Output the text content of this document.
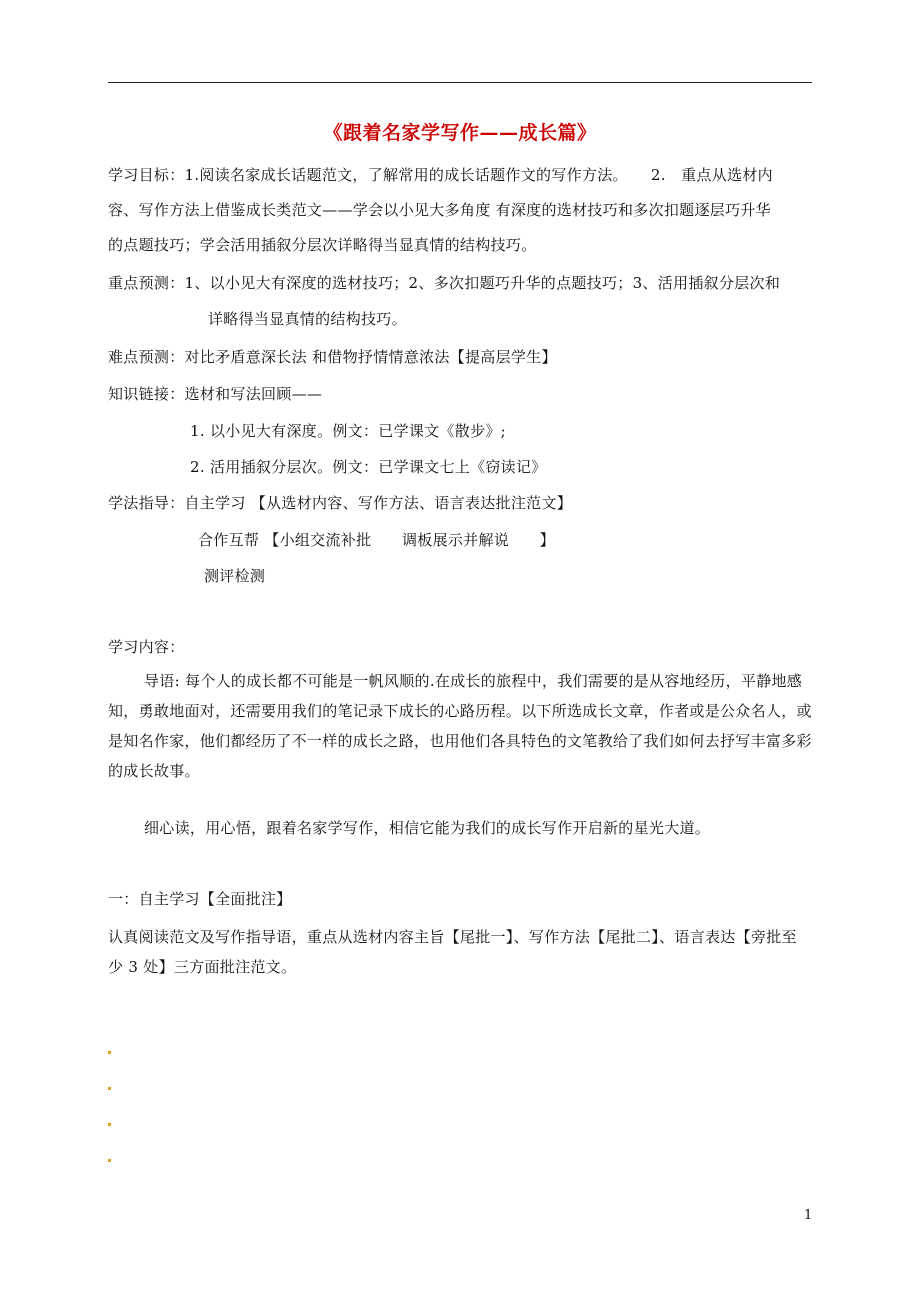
《跟着名家学写作——成长篇》
学习目标：1.阅读名家成长话题范文，了解常用的成长话题作文的写作方法。　　2.　重点从选材内
容、写作方法上借鉴成长类范文——学会以小见大多角度 有深度的选材技巧和多次扣题逐层巧升华
的点题技巧；学会活用插叙分层次详略得当显真情的结构技巧。
重点预测：1、以小见大有深度的选材技巧；2、多次扣题巧升华的点题技巧；3、活用插叙分层次和
详略得当显真情的结构技巧。
难点预测：对比矛盾意深长法 和借物抒情情意浓法【提高层学生】
知识链接：选材和写法回顾——
1. 以小见大有深度。例文：已学课文《散步》;
2. 活用插叙分层次。例文：已学课文七上《窃读记》
学法指导：自主学习 【从选材内容、写作方法、语言表达批注范文】
合作互帮 【小组交流补批　　调板展示并解说　　】
测评检测
学习内容：
导语: 每个人的成长都不可能是一帆风顺的.在成长的旅程中，我们需要的是从容地经历，平静地感知，勇敢地面对，还需要用我们的笔记录下成长的心路历程。以下所选成长文章，作者或是公众名人，或是知名作家，他们都经历了不一样的成长之路，也用他们各具特色的文笔教给了我们如何去抒写丰富多彩的成长故事。
细心读，用心悟，跟着名家学写作，相信它能为我们的成长写作开启新的星光大道。
一：自主学习【全面批注】
认真阅读范文及写作指导语，重点从选材内容主旨【尾批一】、写作方法【尾批二】、语言表达【旁批至少 3 处】三方面批注范文。
1
